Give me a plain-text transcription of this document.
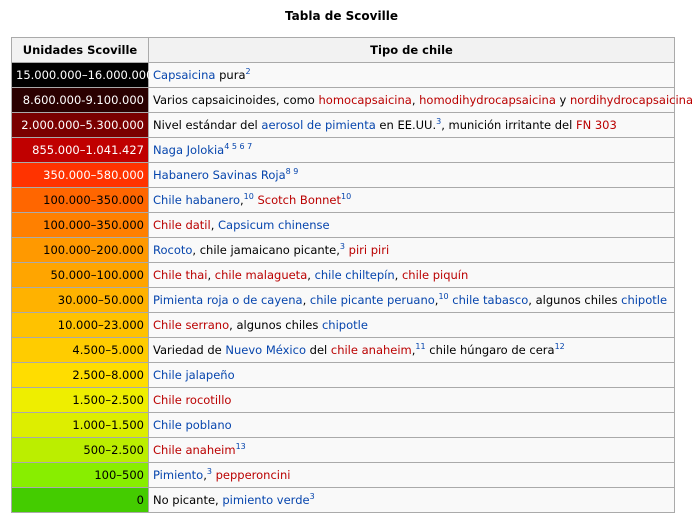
Tabla de Scoville
Unidades Scoville	Tipo de chile
15.000.000–16.000.000	Capsaicina pura$^2$
8.600.000-9.100.000	Varios capsaicinoides, como homocapsaicina, homodihydrocapsaicina y nordihydrocapsaicina
2.000.000–5.300.000	Nivel estándar del aerosol de pimienta en EE.UU.$^3$, munición irritante del FN 303
855.000–1.041.427	Naga Jolokia$^{4 5 6 7}$
350.000–580.000	Habanero Savinas Roja$^{8 9}$
100.000–350.000	Chile habanero,$^{10}$ Scotch Bonnet$^{10}$
100.000–350.000	Chile datil, Capsicum chinense
100.000–200.000	Rocoto, chile jamaicano picante,$^3$ piri piri
50.000–100.000	Chile thai, chile malagueta, chile chiltepín, chile piquín
30.000–50.000	Pimienta roja o de cayena, chile picante peruano,$^{10}$ chile tabasco, algunos chiles chipotle
10.000–23.000	Chile serrano, algunos chiles chipotle
4.500–5.000	Variedad de Nuevo México del chile anaheim,$^{11}$ chile húngaro de cera$^{12}$
2.500–8.000	Chile jalapeño
1.500–2.500	Chile rocotillo
1.000–1.500	Chile poblano
500–2.500	Chile anaheim$^{13}$
100–500	Pimiento,$^3$ pepperoncini
0	No picante, pimiento verde$^3$
